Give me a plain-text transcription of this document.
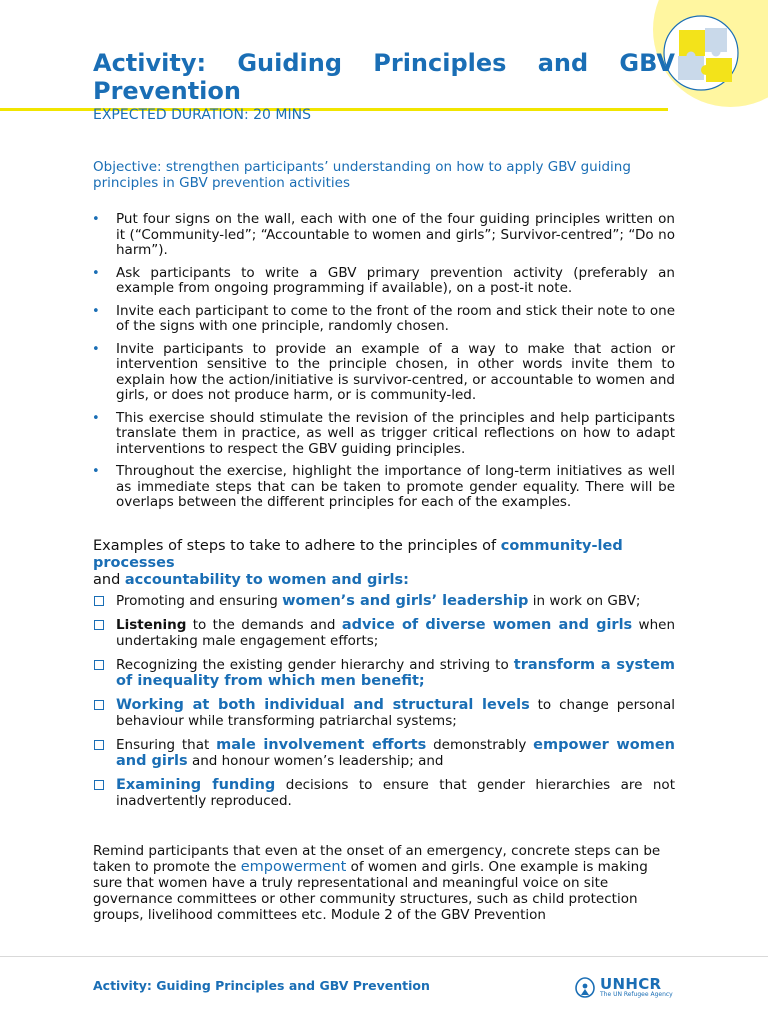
Activity: Guiding Principles and GBV
Prevention

EXPECTED DURATION: 20 MINS

Objective: strengthen participants’ understanding on how to apply GBV guiding principles in GBV prevention activities

• Put four signs on the wall, each with one of the four guiding principles written on it (“Community-led”; “Accountable to women and girls”; Survivor-centred”; “Do no harm”).
• Ask participants to write a GBV primary prevention activity (preferably an example from ongoing programming if available), on a post-it note.
• Invite each participant to come to the front of the room and stick their note to one of the signs with one principle, randomly chosen.
• Invite participants to provide an example of a way to make that action or intervention sensitive to the principle chosen, in other words invite them to explain how the action/initiative is survivor-centred, or accountable to women and girls, or does not produce harm, or is community-led.
• This exercise should stimulate the revision of the principles and help participants translate them in practice, as well as trigger critical reflections on how to adapt interventions to respect the GBV guiding principles.
• Throughout the exercise, highlight the importance of long-term initiatives as well as immediate steps that can be taken to promote gender equality. There will be overlaps between the different principles for each of the examples.

Examples of steps to take to adhere to the principles of community-led processes
and accountability to women and girls:

Promoting and ensuring women’s and girls’ leadership in work on GBV;
Listening to the demands and advice of diverse women and girls when undertaking male engagement efforts;
Recognizing the existing gender hierarchy and striving to transform a system of inequality from which men benefit;
Working at both individual and structural levels to change personal behaviour while transforming patriarchal systems;
Ensuring that male involvement efforts demonstrably empower women and girls and honour women’s leadership; and
Examining funding decisions to ensure that gender hierarchies are not inadvertently reproduced.

Remind participants that even at the onset of an emergency, concrete steps can be taken to promote the empowerment of women and girls. One example is making sure that women have a truly representational and meaningful voice on site governance committees or other community structures, such as child protection groups, livelihood committees etc. Module 2 of the GBV Prevention

Activity: Guiding Principles and GBV Prevention	UNHCR
The UN Refugee Agency
